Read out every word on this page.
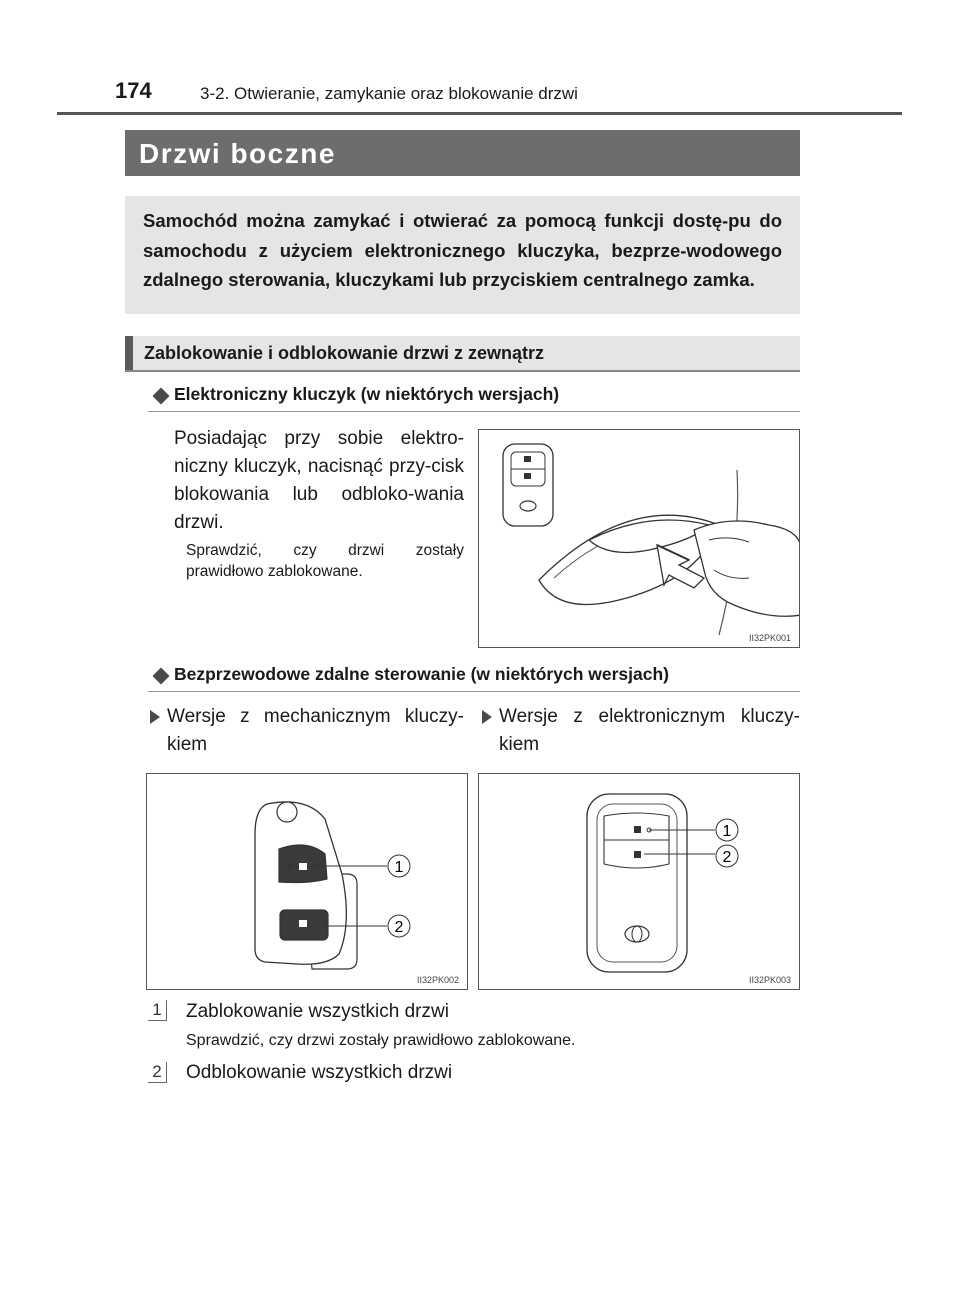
174	3-2. Otwieranie, zamykanie oraz blokowanie drzwi
Drzwi boczne
Samochód można zamykać i otwierać za pomocą funkcji dostę-pu do samochodu z użyciem elektronicznego kluczyka, bezprze-wodowego zdalnego sterowania, kluczykami lub przyciskiem centralnego zamka.
Zablokowanie i odblokowanie drzwi z zewnątrz
Elektroniczny kluczyk (w niektórych wersjach)
Posiadając przy sobie elektro-niczny kluczyk, nacisnąć przy-cisk blokowania lub odbloko-wania drzwi.
Sprawdzić, czy drzwi zostały prawidłowo zablokowane.
II32PK001
Bezprzewodowe zdalne sterowanie (w niektórych wersjach)
Wersje z mechanicznym kluczy-kiem
Wersje z elektronicznym kluczy-kiem
1
2
II32PK002
1
2
II32PK003
1 Zablokowanie wszystkich drzwi
Sprawdzić, czy drzwi zostały prawidłowo zablokowane.
2 Odblokowanie wszystkich drzwi
